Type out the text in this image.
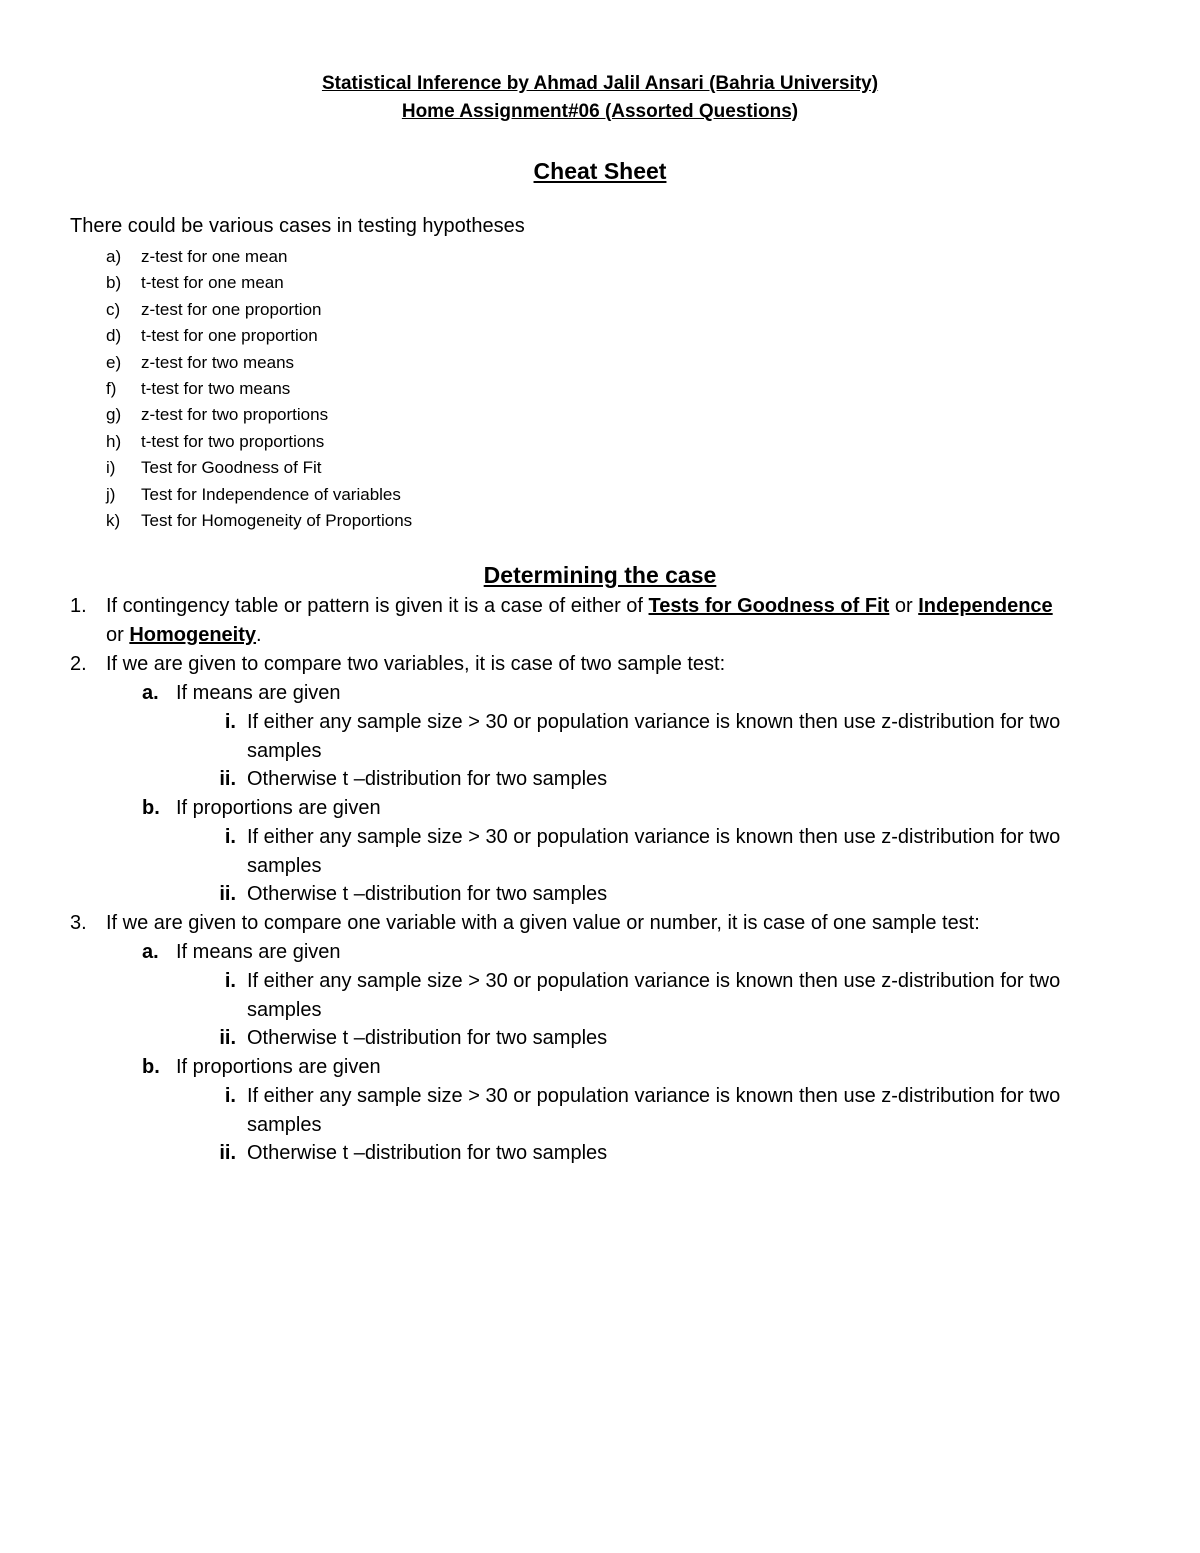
Statistical Inference by Ahmad Jalil Ansari (Bahria University)
Home Assignment#06 (Assorted Questions)
Cheat Sheet
There could be various cases in testing hypotheses
a)	z-test for one mean
b)	t-test for one mean
c)	z-test for one proportion
d)	t-test for one proportion
e)	z-test for two means
f)	t-test for two means
g)	z-test for two proportions
h)	t-test for two proportions
i)	Test for Goodness of Fit
j)	Test for Independence of variables
k)	Test for Homogeneity of Proportions
Determining the case
1. If contingency table or pattern is given it is a case of either of Tests for Goodness of Fit or Independence
or Homogeneity.
2. If we are given to compare two variables, it is case of two sample test:
a. If means are given
i. If either any sample size > 30 or population variance is known then use z-distribution for two samples
ii. Otherwise t –distribution for two samples
b. If proportions are given
i. If either any sample size > 30 or population variance is known then use z-distribution for two samples
ii. Otherwise t –distribution for two samples
3. If we are given to compare one variable with a given value or number, it is case of one sample test:
a. If means are given
i. If either any sample size > 30 or population variance is known then use z-distribution for two samples
ii. Otherwise t –distribution for two samples
b. If proportions are given
i. If either any sample size > 30 or population variance is known then use z-distribution for two samples
ii. Otherwise t –distribution for two samples
